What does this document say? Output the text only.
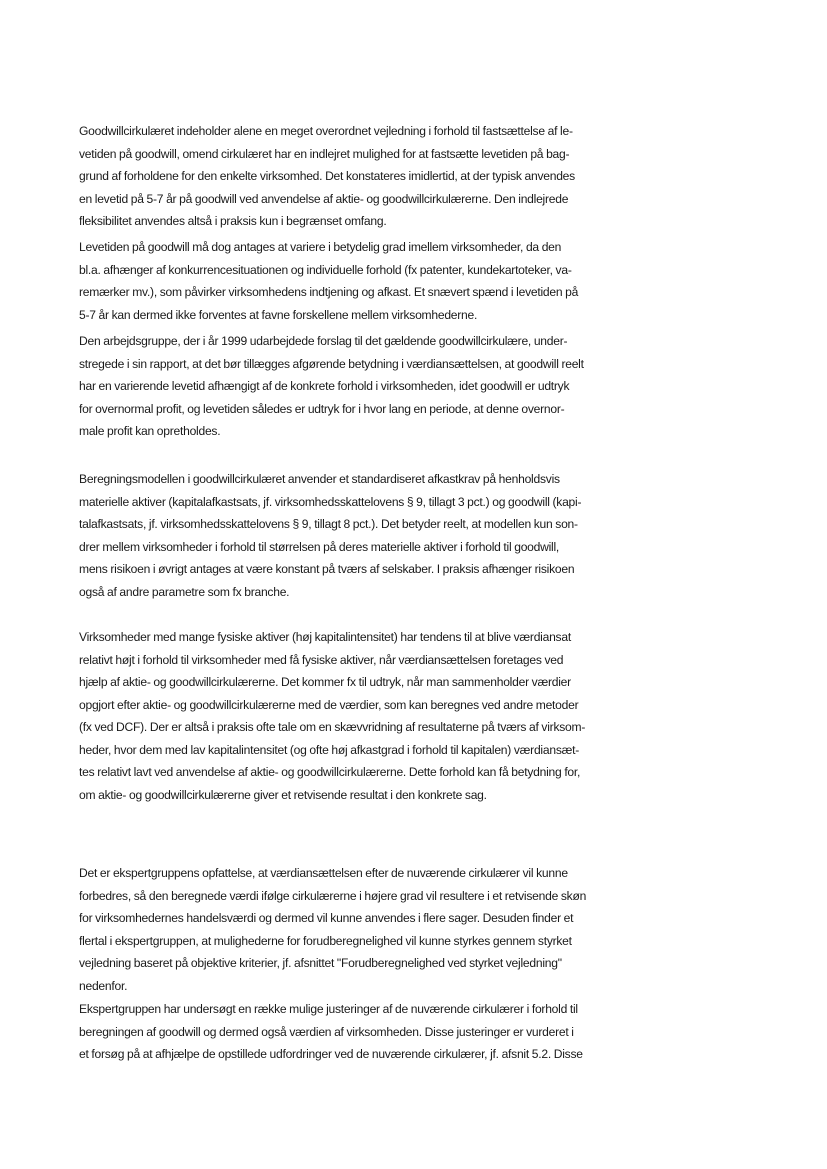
Goodwillcirkulæret indeholder alene en meget overordnet vejledning i forhold til fastsættelse af le-
vetiden på goodwill, omend cirkulæret har en indlejret mulighed for at fastsætte levetiden på bag-
grund af forholdene for den enkelte virksomhed. Det konstateres imidlertid, at der typisk anvendes
en levetid på 5-7 år på goodwill ved anvendelse af aktie- og goodwillcirkulærerne. Den indlejrede
fleksibilitet anvendes altså i praksis kun i begrænset omfang.

Levetiden på goodwill må dog antages at variere i betydelig grad imellem virksomheder, da den
bl.a. afhænger af konkurrencesituationen og individuelle forhold (fx patenter, kundekartoteker, va-
remærker mv.), som påvirker virksomhedens indtjening og afkast. Et snævert spænd i levetiden på
5-7 år kan dermed ikke forventes at favne forskellene mellem virksomhederne.

Den arbejdsgruppe, der i år 1999 udarbejdede forslag til det gældende goodwillcirkulære, under-
stregede i sin rapport, at det bør tillægges afgørende betydning i værdiansættelsen, at goodwill reelt
har en varierende levetid afhængigt af de konkrete forhold i virksomheden, idet goodwill er udtryk
for overnormal profit, og levetiden således er udtryk for i hvor lang en periode, at denne overnor-
male profit kan opretholdes.

Beregningsmodellen i goodwillcirkulæret anvender et standardiseret afkastkrav på henholdsvis
materielle aktiver (kapitalafkastsats, jf. virksomhedsskattelovens § 9, tillagt 3 pct.) og goodwill (kapi-
talafkastsats, jf. virksomhedsskattelovens § 9, tillagt 8 pct.). Det betyder reelt, at modellen kun son-
drer mellem virksomheder i forhold til størrelsen på deres materielle aktiver i forhold til goodwill,
mens risikoen i øvrigt antages at være konstant på tværs af selskaber. I praksis afhænger risikoen
også af andre parametre som fx branche.

Virksomheder med mange fysiske aktiver (høj kapitalintensitet) har tendens til at blive værdiansat
relativt højt i forhold til virksomheder med få fysiske aktiver, når værdiansættelsen foretages ved
hjælp af aktie- og goodwillcirkulærerne. Det kommer fx til udtryk, når man sammenholder værdier
opgjort efter aktie- og goodwillcirkulærerne med de værdier, som kan beregnes ved andre metoder
(fx ved DCF). Der er altså i praksis ofte tale om en skævvridning af resultaterne på tværs af virksom-
heder, hvor dem med lav kapitalintensitet (og ofte høj afkastgrad i forhold til kapitalen) værdiansæt-
tes relativt lavt ved anvendelse af aktie- og goodwillcirkulærerne. Dette forhold kan få betydning for,
om aktie- og goodwillcirkulærerne giver et retvisende resultat i den konkrete sag.

Det er ekspertgruppens opfattelse, at værdiansættelsen efter de nuværende cirkulærer vil kunne
forbedres, så den beregnede værdi ifølge cirkulærerne i højere grad vil resultere i et retvisende skøn
for virksomhedernes handelsværdi og dermed vil kunne anvendes i flere sager. Desuden finder et
flertal i ekspertgruppen, at mulighederne for forudberegnelighed vil kunne styrkes gennem styrket
vejledning baseret på objektive kriterier, jf. afsnittet "Forudberegnelighed ved styrket vejledning"
nedenfor.

Ekspertgruppen har undersøgt en række mulige justeringer af de nuværende cirkulærer i forhold til
beregningen af goodwill og dermed også værdien af virksomheden. Disse justeringer er vurderet i
et forsøg på at afhjælpe de opstillede udfordringer ved de nuværende cirkulærer, jf. afsnit 5.2. Disse
